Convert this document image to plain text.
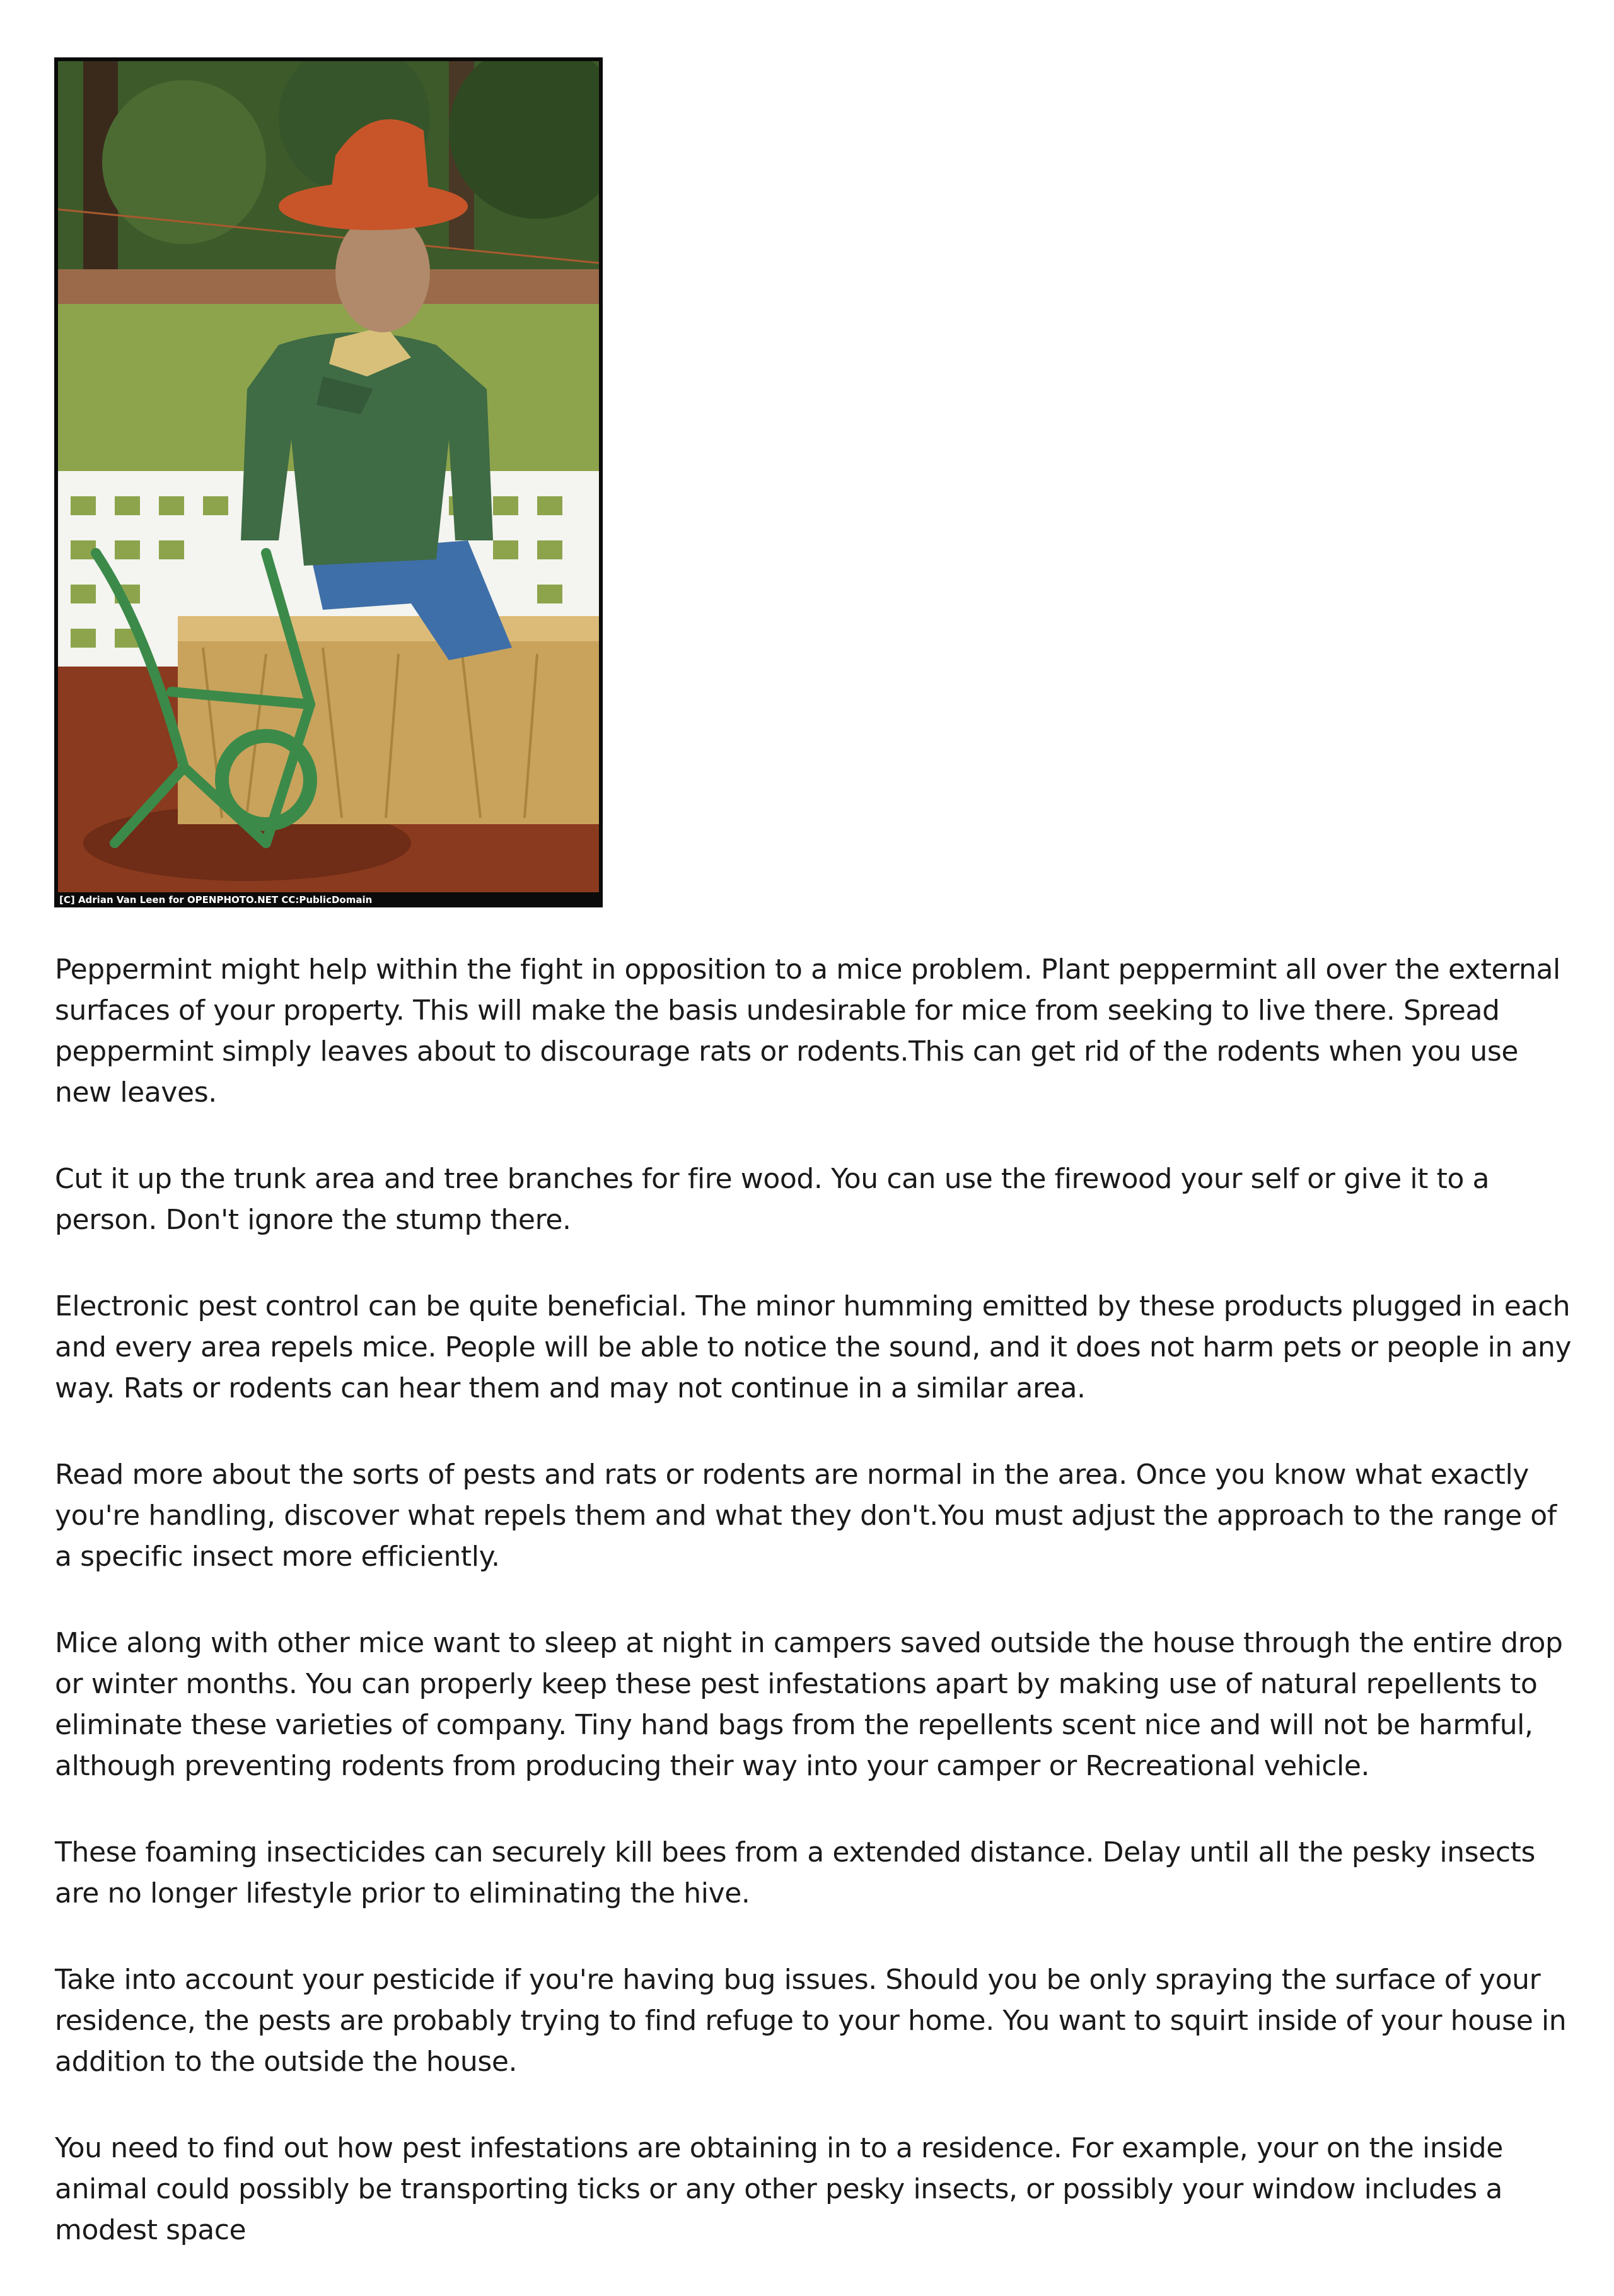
[C] Adrian Van Leen for OPENPHOTO.NET CC:PublicDomain

Peppermint might help within the fight in opposition to a mice problem. Plant peppermint all over the external surfaces of your property. This will make the basis undesirable for mice from seeking to live there. Spread peppermint simply leaves about to discourage rats or rodents.This can get rid of the rodents when you use new leaves.

Cut it up the trunk area and tree branches for fire wood. You can use the firewood your self or give it to a person. Don't ignore the stump there.

Electronic pest control can be quite beneficial. The minor humming emitted by these products plugged in each and every area repels mice. People will be able to notice the sound, and it does not harm pets or people in any way. Rats or rodents can hear them and may not continue in a similar area.

Read more about the sorts of pests and rats or rodents are normal in the area. Once you know what exactly you're handling, discover what repels them and what they don't.You must adjust the approach to the range of a specific insect more efficiently.

Mice along with other mice want to sleep at night in campers saved outside the house through the entire drop or winter months. You can properly keep these pest infestations apart by making use of natural repellents to eliminate these varieties of company. Tiny hand bags from the repellents scent nice and will not be harmful, although preventing rodents from producing their way into your camper or Recreational vehicle.

These foaming insecticides can securely kill bees from a extended distance. Delay until all the pesky insects are no longer lifestyle prior to eliminating the hive.

Take into account your pesticide if you're having bug issues. Should you be only spraying the surface of your residence, the pests are probably trying to find refuge to your home. You want to squirt inside of your house in addition to the outside the house.

You need to find out how pest infestations are obtaining in to a residence. For example, your on the inside animal could possibly be transporting ticks or any other pesky insects, or possibly your window includes a modest space
